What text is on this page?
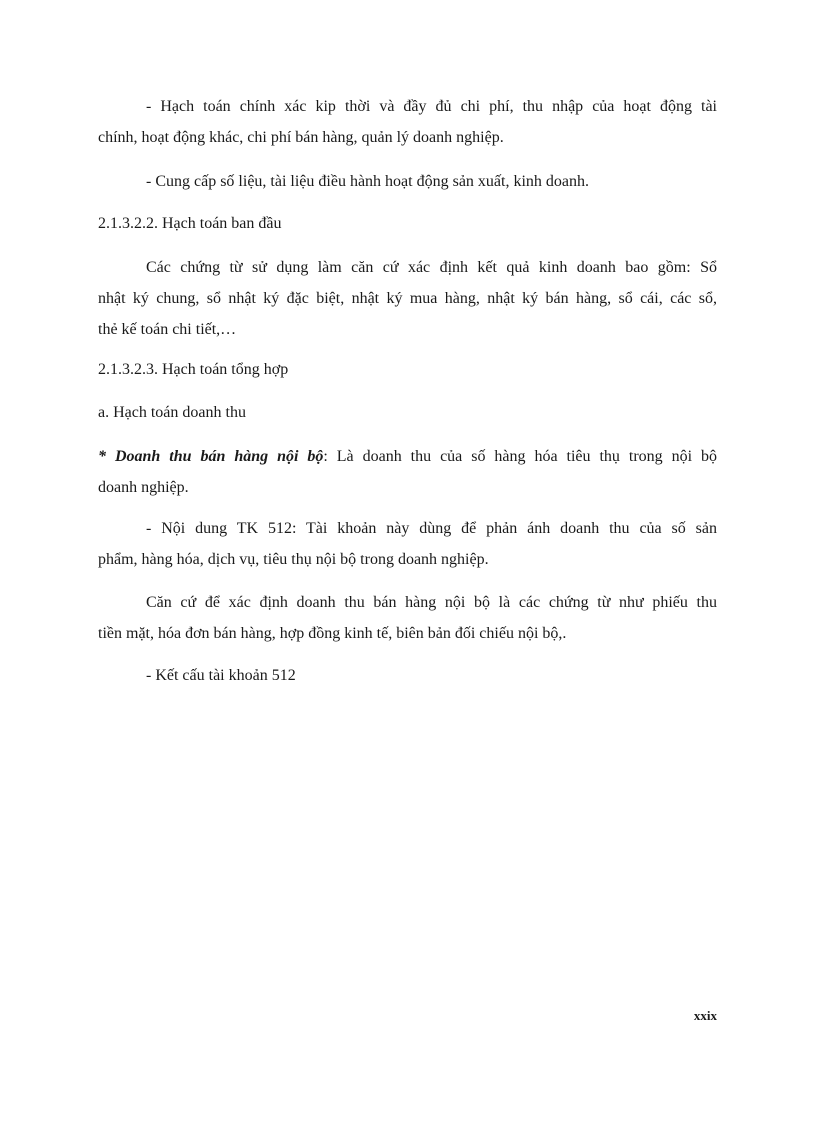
- Hạch toán chính xác kip thời và đầy đủ chi phí, thu nhập của hoạt động tài
chính, hoạt động khác, chi phí bán hàng, quản lý doanh nghiệp.
- Cung cấp số liệu, tài liệu điều hành hoạt động sản xuất, kinh doanh.
2.1.3.2.2. Hạch toán ban đầu
Các chứng từ sử dụng làm căn cứ xác định kết quả kinh doanh bao gồm: Sổ
nhật ký chung, sổ nhật ký đặc biệt, nhật ký mua hàng, nhật ký bán hàng, sổ cái, các sổ,
thẻ kế toán chi tiết,…
2.1.3.2.3. Hạch toán tổng hợp
a. Hạch toán doanh thu
* Doanh thu bán hàng nội bộ: Là doanh thu của số hàng hóa tiêu thụ trong nội bộ
doanh nghiệp.
- Nội dung TK 512: Tài khoản này dùng để phản ánh doanh thu của số sản
phẩm, hàng hóa, dịch vụ, tiêu thụ nội bộ trong doanh nghiệp.
Căn cứ để xác định doanh thu bán hàng nội bộ là các chứng từ như phiếu thu
tiền mặt, hóa đơn bán hàng, hợp đồng kinh tế, biên bản đối chiếu nội bộ,.
- Kết cấu tài khoản 512
xxix
